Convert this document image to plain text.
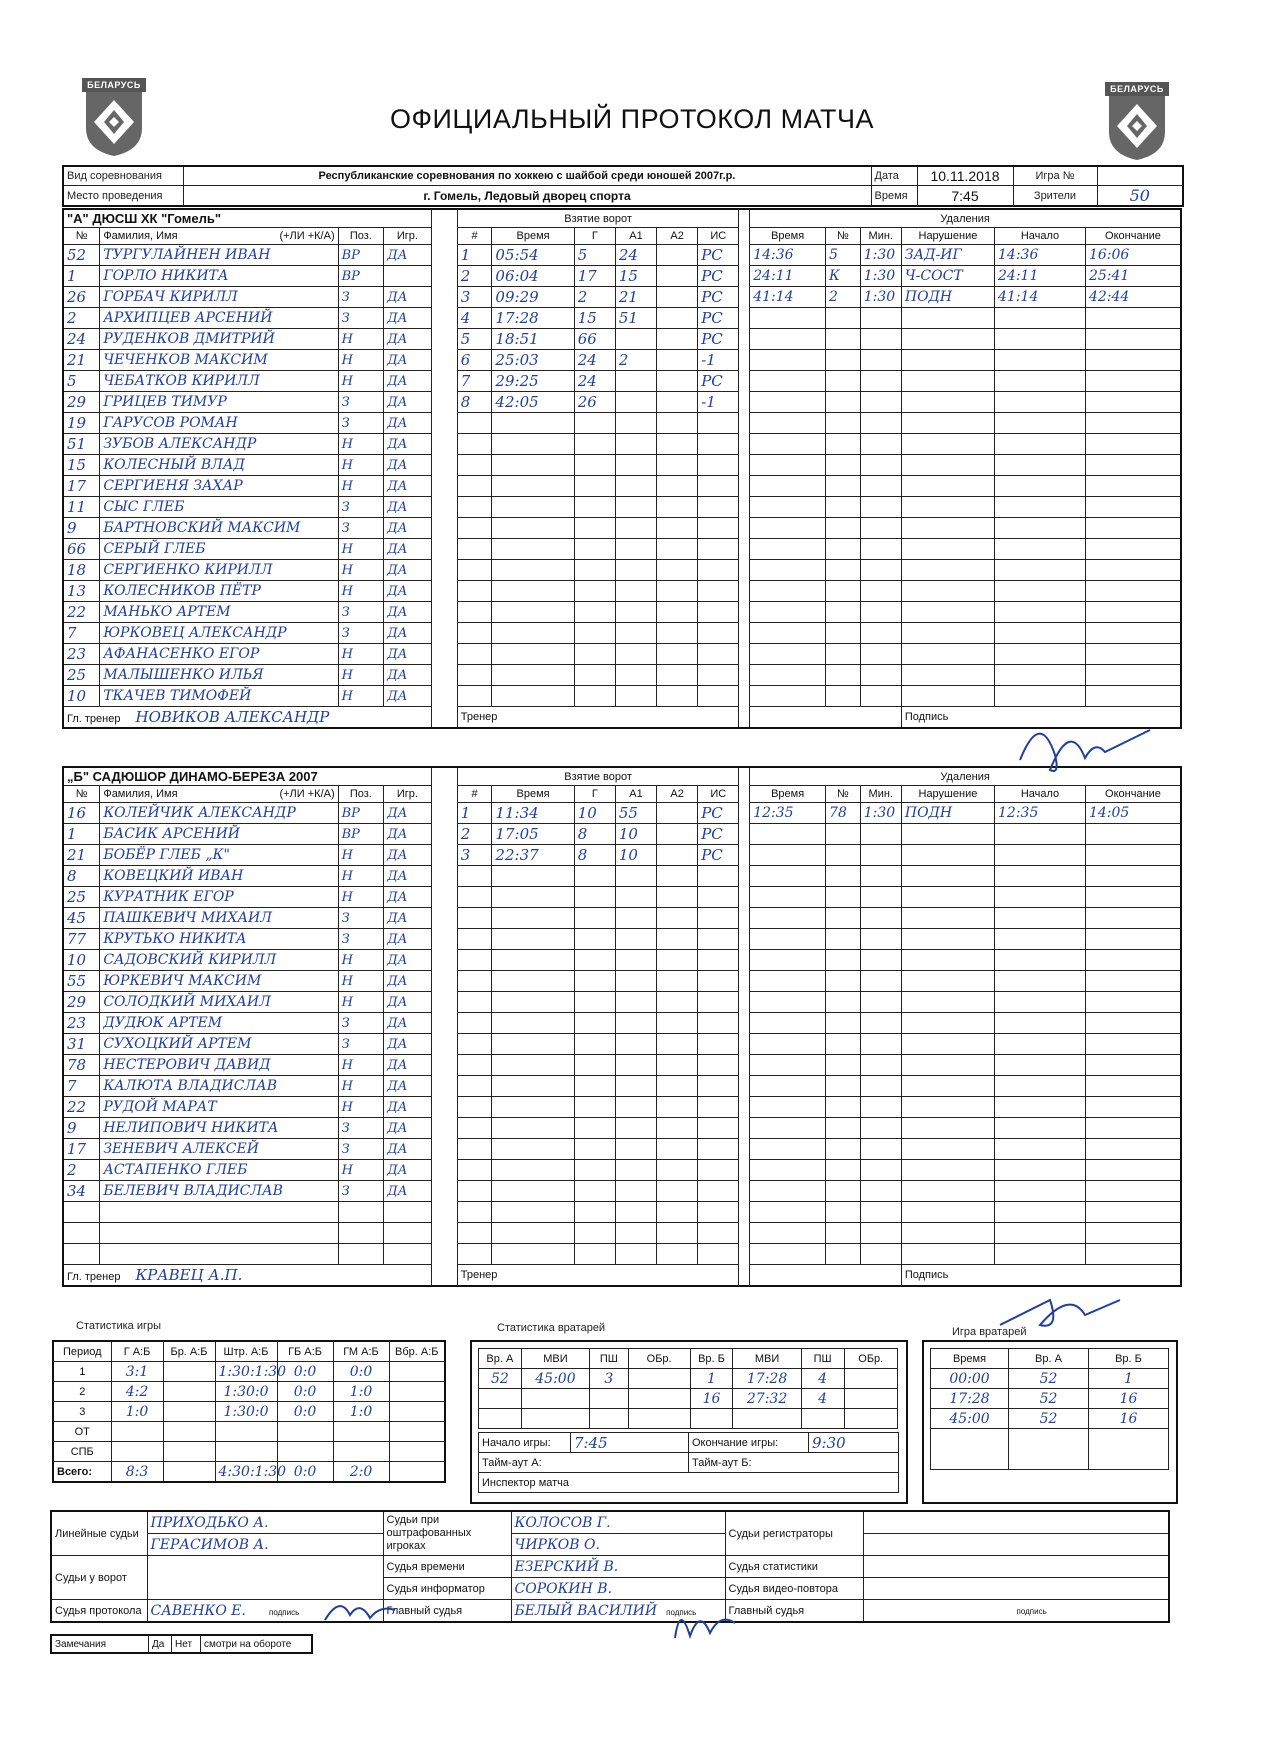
БЕЛАРУСЬ	БЕЛАРУСЬ
ОФИЦИАЛЬНЫЙ ПРОТОКОЛ МАТЧА
Вид соревнования	Республиканские соревнования по хоккею с шайбой среди юношей 2007г.р.	Дата	10.11.2018	Игра №	
Место проведения	г. Гомель, Ледовый дворец спорта	Время	7:45	Зрители	50
"А" ДЮСШ ХК "Гомель"					Взятие ворот							Удаления					
№	Фамилия, Имя (+ЛИ +К/А)	Поз.	Игр.		#	Время	Г	А1	А2	ИС		Время	№	Мин.	Нарушение	Начало	Окончание
52	ТУРГУЛАЙНЕН ИВАН	ВР	ДА		1	05:54	5	24		РС		14:36	5	1:30	ЗАД-ИГ	14:36	16:06
1	ГОРЛО НИКИТА	ВР			2	06:04	17	15		РС		24:11	К	1:30	Ч-СОСТ	24:11	25:41
26	ГОРБАЧ КИРИЛЛ	З	ДА		3	09:29	2	21		РС		41:14	2	1:30	ПОДН	41:14	42:44
2	АРХИПЦЕВ АРСЕНИЙ	З	ДА		4	17:28	15	51		РС							
24	РУДЕНКОВ ДМИТРИЙ	Н	ДА		5	18:51	66			РС							
21	ЧЕЧЕНКОВ МАКСИМ	Н	ДА		6	25:03	24	2		-1							
5	ЧЕБАТКОВ КИРИЛЛ	Н	ДА		7	29:25	24			РС							
29	ГРИЦЕВ ТИМУР	З	ДА		8	42:05	26			-1							
19	ГАРУСОВ РОМАН	З	ДА														
51	ЗУБОВ АЛЕКСАНДР	Н	ДА														
15	КОЛЕСНЫЙ ВЛАД	Н	ДА														
17	СЕРГИЕНЯ ЗАХАР	Н	ДА														
11	СЫС ГЛЕБ	З	ДА														
9	БАРТНОВСКИЙ МАКСИМ	З	ДА														
66	СЕРЫЙ ГЛЕБ	Н	ДА														
18	СЕРГИЕНКО КИРИЛЛ	Н	ДА														
13	КОЛЕСНИКОВ ПЁТР	Н	ДА														
22	МАНЬКО АРТЕМ	З	ДА														
7	ЮРКОВЕЦ АЛЕКСАНДР	З	ДА														
23	АФАНАСЕНКО ЕГОР	Н	ДА														
25	МАЛЫШЕНКО ИЛЬЯ	Н	ДА														
10	ТКАЧЕВ ТИМОФЕЙ	Н	ДА														
Гл. тренер НОВИКОВ АЛЕКСАНДР					Тренер										Подпись		
„Б" САДЮШОР ДИНАМО-БЕРЕЗА 2007					Взятие ворот							Удаления					
№	Фамилия, Имя (+ЛИ +К/А)	Поз.	Игр.		#	Время	Г	А1	А2	ИС		Время	№	Мин.	Нарушение	Начало	Окончание
16	КОЛЕЙЧИК АЛЕКСАНДР	ВР	ДА		1	11:34	10	55		РС		12:35	78	1:30	ПОДН	12:35	14:05
1	БАСИК АРСЕНИЙ	ВР	ДА		2	17:05	8	10		РС							
21	БОБЁР ГЛЕБ „К"	Н	ДА		3	22:37	8	10		РС							
8	КОВЕЦКИЙ ИВАН	Н	ДА														
25	КУРАТНИК ЕГОР	Н	ДА														
45	ПАШКЕВИЧ МИХАИЛ	З	ДА														
77	КРУТЬКО НИКИТА	З	ДА														
10	САДОВСКИЙ КИРИЛЛ	Н	ДА														
55	ЮРКЕВИЧ МАКСИМ	Н	ДА														
29	СОЛОДКИЙ МИХАИЛ	Н	ДА														
23	ДУДЮК АРТЕМ	З	ДА														
31	СУХОЦКИЙ АРТЕМ	З	ДА														
78	НЕСТЕРОВИЧ ДАВИД	Н	ДА														
7	КАЛЮТА ВЛАДИСЛАВ	Н	ДА														
22	РУДОЙ МАРАТ	Н	ДА														
9	НЕЛИПОВИЧ НИКИТА	З	ДА														
17	ЗЕНЕВИЧ АЛЕКСЕЙ	З	ДА														
2	АСТАПЕНКО ГЛЕБ	Н	ДА														
34	БЕЛЕВИЧ ВЛАДИСЛАВ	З	ДА														

Гл. тренер КРАВЕЦ А.П.					Тренер										Подпись		
Статистика игры
Период	Г А:Б	Бр. А:Б	Штр. А:Б	ГБ А:Б	ГМ А:Б	Вбр. А:Б
1	3:1		1:30:1:30	0:0	0:0	
2	4:2		1:30:0	0:0	1:0	
3	1:0		1:30:0	0:0	1:0	
ОТ						
СПБ						
Всего:	8:3		4:30:1:30	0:0	2:0	
Статистика вратарей
Вр. А	МВИ	ПШ	ОБр.	Вр. Б	МВИ	ПШ	ОБр.
52	45:00	3		1	17:28	4	
				16	27:32	4	

Начало игры:	7:45	Окончание игры:	9:30
Тайм-аут А:		Тайм-аут Б:	
Инспектор матча			
Игра вратарей
Время	Вр. А	Вр. Б
00:00	52	1
17:28	52	16
45:00	52	16

Линейные судьи	ПРИХОДЬКО А.	Судьи при оштрафованных игроках	КОЛОСОВ Г.	Судьи регистраторы	
	ГЕРАСИМОВ А.		ЧИРКОВ О.		
Судьи у ворот		Судья времени	ЕЗЕРСКИЙ В.	Судья статистики	
		Судья информатор	СОРОКИН В.	Судья видео-повтора	
Судья протокола	САВЕНКО Е. подпись	Главный судья	БЕЛЫЙ ВАСИЛИЙ подпись	Главный судья	подпись
Замечания	Да	Нет	смотри на обороте
